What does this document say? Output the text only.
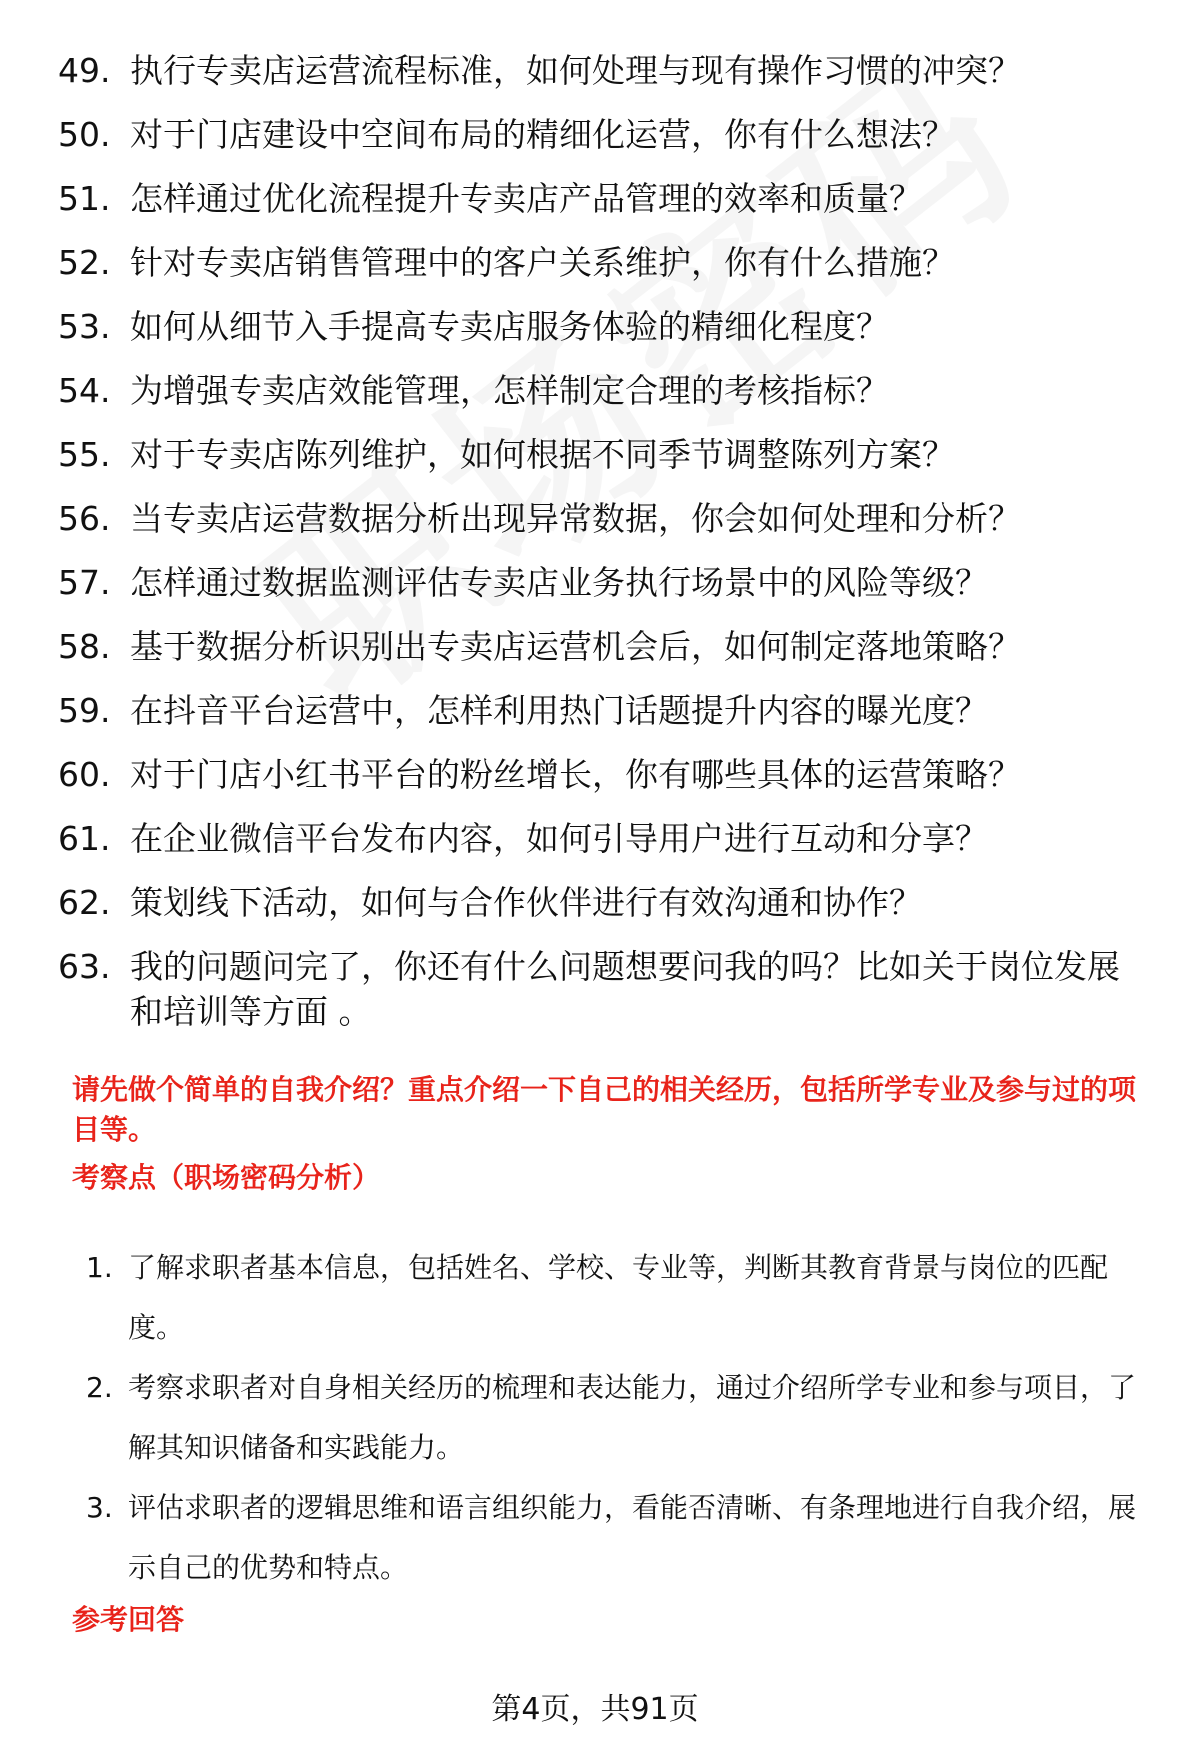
49. 执行专卖店运营流程标准，如何处理与现有操作习惯的冲突？
50. 对于门店建设中空间布局的精细化运营，你有什么想法？
51. 怎样通过优化流程提升专卖店产品管理的效率和质量？
52. 针对专卖店销售管理中的客户关系维护，你有什么措施？
53. 如何从细节入手提高专卖店服务体验的精细化程度？
54. 为增强专卖店效能管理，怎样制定合理的考核指标？
55. 对于专卖店陈列维护，如何根据不同季节调整陈列方案？
56. 当专卖店运营数据分析出现异常数据，你会如何处理和分析？
57. 怎样通过数据监测评估专卖店业务执行场景中的风险等级？
58. 基于数据分析识别出专卖店运营机会后，如何制定落地策略？
59. 在抖音平台运营中，怎样利用热门话题提升内容的曝光度？
60. 对于门店小红书平台的粉丝增长，你有哪些具体的运营策略？
61. 在企业微信平台发布内容，如何引导用户进行互动和分享？
62. 策划线下活动，如何与合作伙伴进行有效沟通和协作？
63. 我的问题问完了，你还有什么问题想要问我的吗？比如关于岗位发展和培训等方面 。
请先做个简单的自我介绍？重点介绍一下自己的相关经历，包括所学专业及参与过的项目等。
考察点（职场密码分析）
1. 了解求职者基本信息，包括姓名、学校、专业等，判断其教育背景与岗位的匹配度。
2. 考察求职者对自身相关经历的梳理和表达能力，通过介绍所学专业和参与项目，了解其知识储备和实践能力。
3. 评估求职者的逻辑思维和语言组织能力，看能否清晰、有条理地进行自我介绍，展示自己的优势和特点。
参考回答
第4页，共91页
